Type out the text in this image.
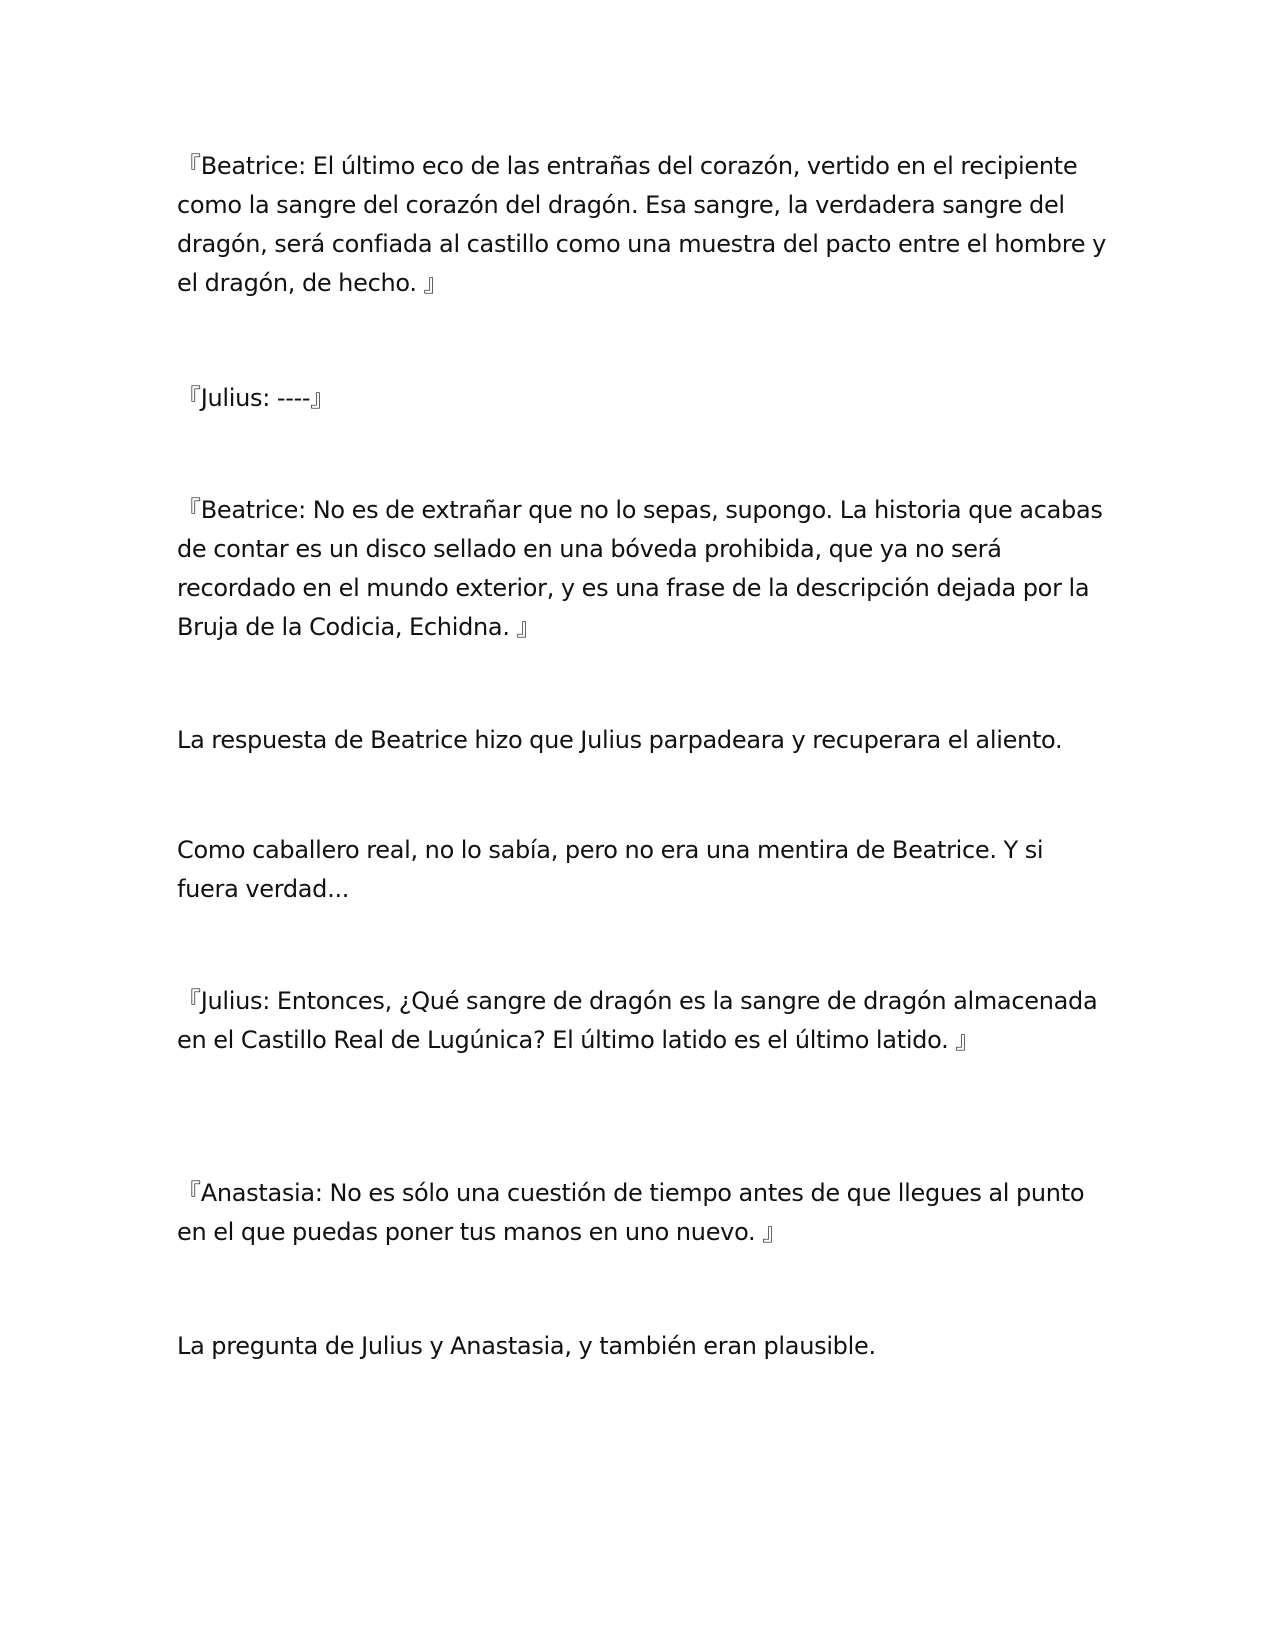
『Beatrice: El último eco de las entrañas del corazón, vertido en el recipiente como la sangre del corazón del dragón. Esa sangre, la verdadera sangre del dragón, será confiada al castillo como una muestra del pacto entre el hombre y el dragón, de hecho. 』

『Julius: ----』

『Beatrice: No es de extrañar que no lo sepas, supongo. La historia que acabas de contar es un disco sellado en una bóveda prohibida, que ya no será recordado en el mundo exterior, y es una frase de la descripción dejada por la Bruja de la Codicia, Echidna. 』

La respuesta de Beatrice hizo que Julius parpadeara y recuperara el aliento.

Como caballero real, no lo sabía, pero no era una mentira de Beatrice. Y si fuera verdad...

『Julius: Entonces, ¿Qué sangre de dragón es la sangre de dragón almacenada en el Castillo Real de Lugúnica? El último latido es el último latido. 』

『Anastasia: No es sólo una cuestión de tiempo antes de que llegues al punto en el que puedas poner tus manos en uno nuevo. 』

La pregunta de Julius y Anastasia, y también eran plausible.
